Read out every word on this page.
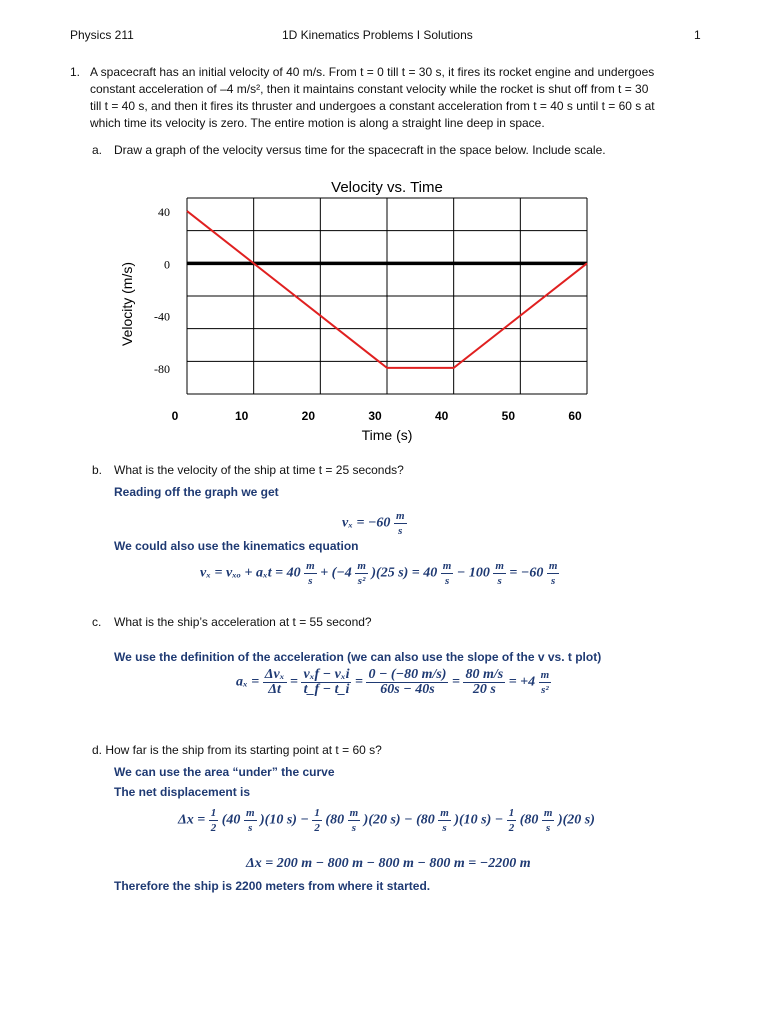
Physics 211	1D Kinematics Problems I Solutions	1
1. A spacecraft has an initial velocity of 40 m/s. From t = 0 till t = 30 s, it fires its rocket engine and undergoes

constant acceleration of –4 m/s², then it maintains constant velocity while the rocket is shut off from t = 30

till t = 40 s, and then it fires its thruster and undergoes a constant acceleration from t = 40 s until t = 60 s at

which time its velocity is zero. The entire motion is along a straight line deep in space.

a. Draw a graph of the velocity versus time for the spacecraft in the space below. Include scale.
Velocity vs. Time
40
0
-40
-80
0	10	20	30	40	50	60
Time (s)
Velocity (m/s)
b. What is the velocity of the ship at time t = 25 seconds?
Reading off the graph we get
$v_x = -60 \frac{m}{s}$
We could also use the kinematics equation
$v_x = v_{xo} + a_xt = 40 \frac{m}{s} + (-4 \frac{m}{\text{s²}} )(25$ $s) = 40 \frac{m}{s} - 100 \frac{m}{s} = -60 \frac{m}{s}$
c. What is the ship’s acceleration at t = 55 second?
We use the definition of the acceleration (we can also use the slope of the v vs. t plot)
$a_x = \frac{\text{Δvₓ}}{\Delta t} = \frac{\text{vₓf − vₓi}}{t\_f - t\_i} = \frac{0 - (-80 m/s)}{60s - 40s} = \frac{80 m/s}{20 s} = +4 \frac{m}{\text{s²}}$
d. How far is the ship from its starting point at t = 60 s?
We can use the area “under” the curve
The net displacement is
$\Delta x = \frac{1}{2} (40 \frac{m}{s} )(10$ $s) - \frac{1}{2} (80 \frac{m}{s} )(20$ $s) - (80 \frac{m}{s} )(10$ $s) - \frac{1}{2} (80 \frac{m}{s} )(20$ s)
Δx = 200 m − 800 m − 800 m − 800 m = −2200 m
Therefore the ship is 2200 meters from where it started.
